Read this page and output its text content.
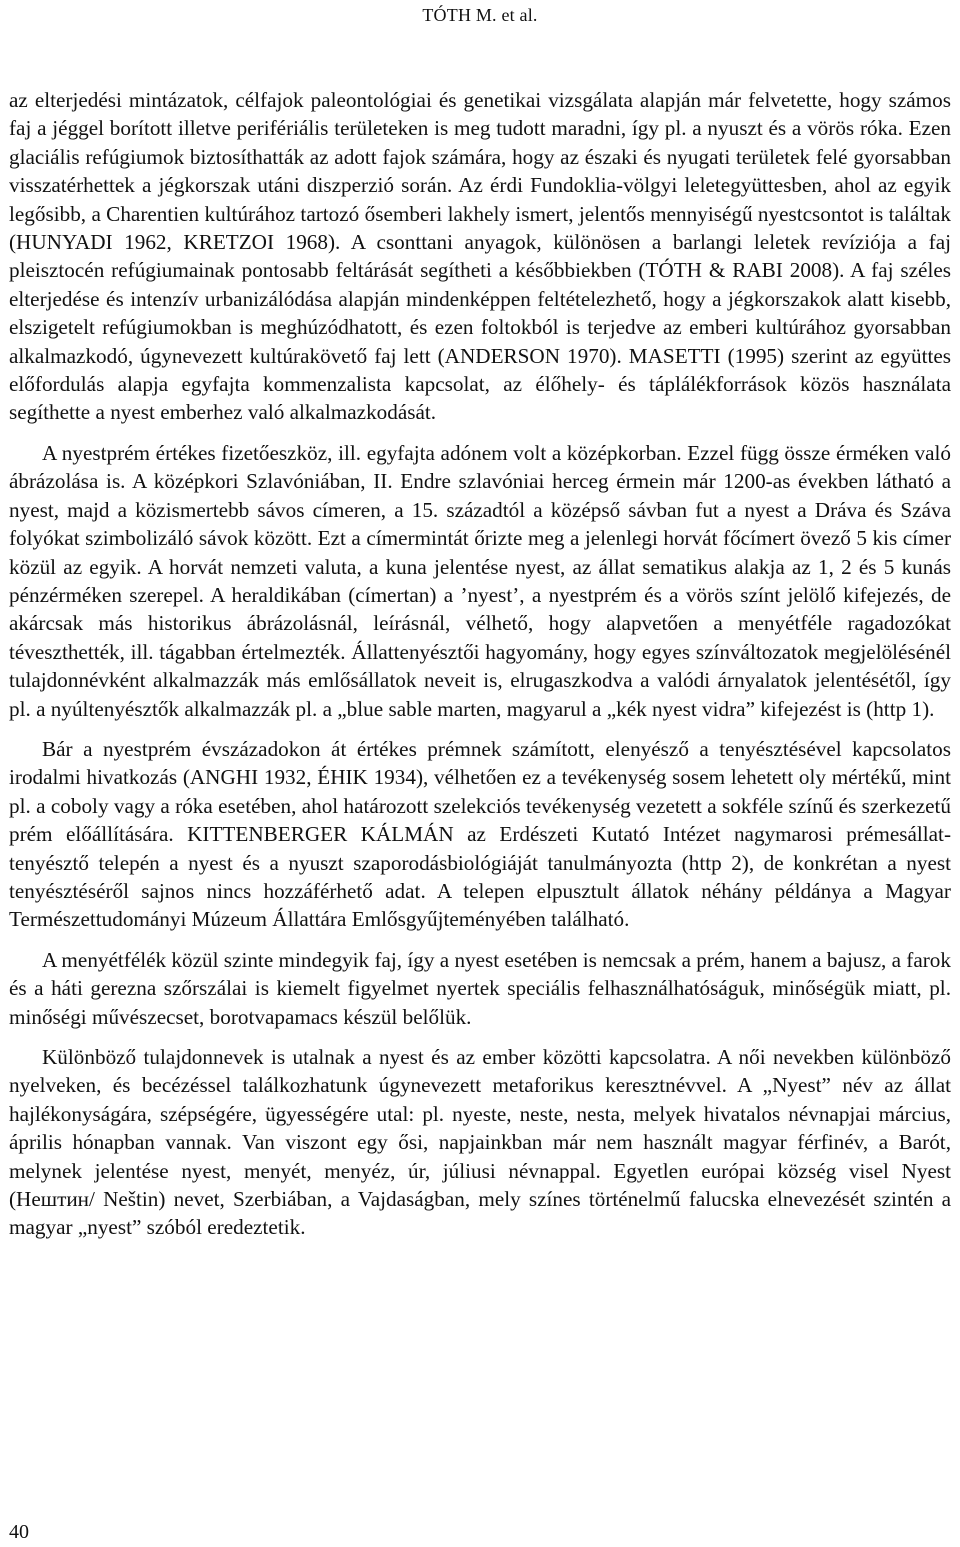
TÓTH M. et al.

az elterjedési mintázatok, célfajok paleontológiai és genetikai vizsgálata alapján már felvetette, hogy számos faj a jéggel borított illetve perifériális területeken is meg tudott maradni, így pl. a nyuszt és a vörös róka. Ezen glaciális refúgiumok biztosíthatták az adott fajok számára, hogy az északi és nyugati területek felé gyorsabban visszatérhettek a jégkorszak utáni diszperzió során. Az érdi Fundoklia-völgyi leletegyüttesben, ahol az egyik legősibb, a Charentien kultúrához tartozó ősemberi lakhely ismert, jelentős mennyiségű nyestcsontot is találtak (HUNYADI 1962, KRETZOI 1968). A csonttani anyagok, különösen a barlangi leletek revíziója a faj pleisztocén refúgiumainak pontosabb feltárását segítheti a későbbiekben (TÓTH & RABI 2008). A faj széles elterjedése és intenzív urbanizálódása alapján mindenképpen feltételezhető, hogy a jégkorszakok alatt kisebb, elszigetelt refúgiumokban is meghúzódhatott, és ezen foltokból is terjedve az emberi kultúrához gyorsabban alkalmazkodó, úgynevezett kultúrakövető faj lett (ANDERSON 1970). MASETTI (1995) szerint az együttes előfordulás alapja egyfajta kommenzalista kapcsolat, az élőhely- és táplálékforrások közös használata segíthette a nyest emberhez való alkalmazkodását.

A nyestprém értékes fizetőeszköz, ill. egyfajta adónem volt a középkorban. Ezzel függ össze érméken való ábrázolása is. A középkori Szlavóniában, II. Endre szlavóniai herceg érmein már 1200-as években látható a nyest, majd a közismertebb sávos címeren, a 15. századtól a középső sávban fut a nyest a Dráva és Száva folyókat szimbolizáló sávok között. Ezt a címermintát őrizte meg a jelenlegi horvát főcímert övező 5 kis címer közül az egyik. A horvát nemzeti valuta, a kuna jelentése nyest, az állat sematikus alakja az 1, 2 és 5 kunás pénzérméken szerepel. A heraldikában (címertan) a ’nyest’, a nyestprém és a vörös színt jelölő kifejezés, de akárcsak más historikus ábrázolásnál, leírásnál, vélhető, hogy alapvetően a menyétféle ragadozókat téveszthették, ill. tágabban értelmezték. Állattenyésztői hagyomány, hogy egyes színváltozatok megjelölésénél tulajdonnévként alkalmazzák más emlősállatok neveit is, elrugaszkodva a valódi árnyalatok jelentésétől, így pl. a nyúltenyésztők alkalmazzák pl. a „blue sable marten, magyarul a „kék nyest vidra” kifejezést is (http 1).

Bár a nyestprém évszázadokon át értékes prémnek számított, elenyésző a tenyésztésével kapcsolatos irodalmi hivatkozás (ANGHI 1932, ÉHIK 1934), vélhetően ez a tevékenység sosem lehetett oly mértékű, mint pl. a coboly vagy a róka esetében, ahol határozott szelekciós tevékenység vezetett a sokféle színű és szerkezetű prém előállítására. KITTENBERGER KÁLMÁN az Erdészeti Kutató Intézet nagymarosi prémesállat-tenyésztő telepén a nyest és a nyuszt szaporodásbiológiáját tanulmányozta (http 2), de konkrétan a nyest tenyésztéséről sajnos nincs hozzáférhető adat. A telepen elpusztult állatok néhány példánya a Magyar Természettudományi Múzeum Állattára Emlősgyűjteményében található.

A menyétfélék közül szinte mindegyik faj, így a nyest esetében is nemcsak a prém, hanem a bajusz, a farok és a háti gerezna szőrszálai is kiemelt figyelmet nyertek speciális felhasználhatóságuk, minőségük miatt, pl. minőségi művészecset, borotvapamacs készül belőlük.

Különböző tulajdonnevek is utalnak a nyest és az ember közötti kapcsolatra. A női nevekben különböző nyelveken, és becézéssel találkozhatunk úgynevezett metaforikus keresztnévvel. A „Nyest” név az állat hajlékonyságára, szépségére, ügyességére utal: pl. nyeste, neste, nesta, melyek hivatalos névnapjai március, április hónapban vannak. Van viszont egy ősi, napjainkban már nem használt magyar férfinév, a Barót, melynek jelentése nyest, menyét, menyéz, úr, júliusi névnappal. Egyetlen európai község visel Nyest (Нештин/ Neštin) nevet, Szerbiában, a Vajdaságban, mely színes történelmű falucska elnevezését szintén a magyar „nyest” szóból eredeztetik.

40
